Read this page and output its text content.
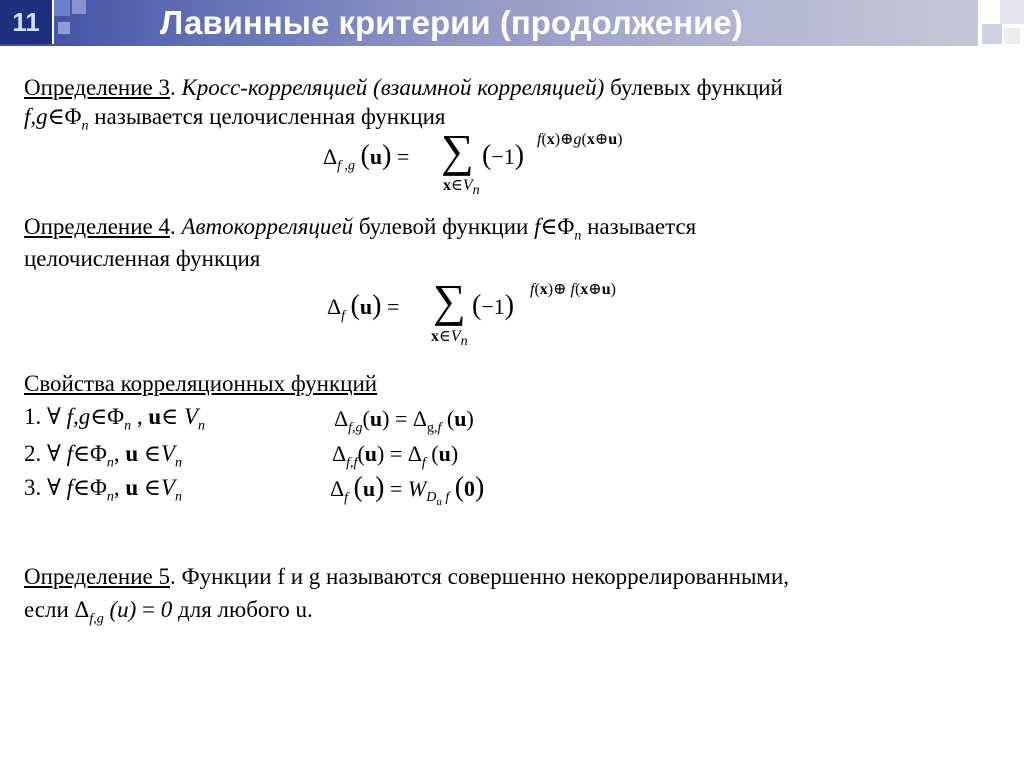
11	Лавинные критерии (продолжение)
Определение 3. Кросс-корреляцией (взаимной корреляцией) булевых функций
$f,g\in\Phi_n$ называется целочисленная функция
$\Delta_{f ,g}$ (u) = ∑
$x\in V_n$
(−1)
f(x)⊕g(x⊕u)
Определение 4. Автокорреляцией булевой функции $f\in\Phi_n$ называется
целочисленная функция
$\Delta_f$ (u) = ∑
$x\in V_n$
(−1)
f(x)⊕ f(x⊕u)
Свойства корреляционных функций
1. ∀ $f,g\in\Phi_n$ , u∈ $V_n$	$\Delta_{f,g}(u) = \Delta_{g,f}$ (u)
2. ∀ $f\in\Phi_n$, u $\in V_n$	$\Delta_{f,f}(u) = \Delta_f$ (u)
3. ∀ $f\in\Phi_n$, u $\in V_n$	$\Delta_f$ $(u) = W_{D_u f}$ (0)
Определение 5. Функции f и g называются совершенно некоррелированными,
если $\Delta_{f,g}$ (u) = 0 для любого u.
